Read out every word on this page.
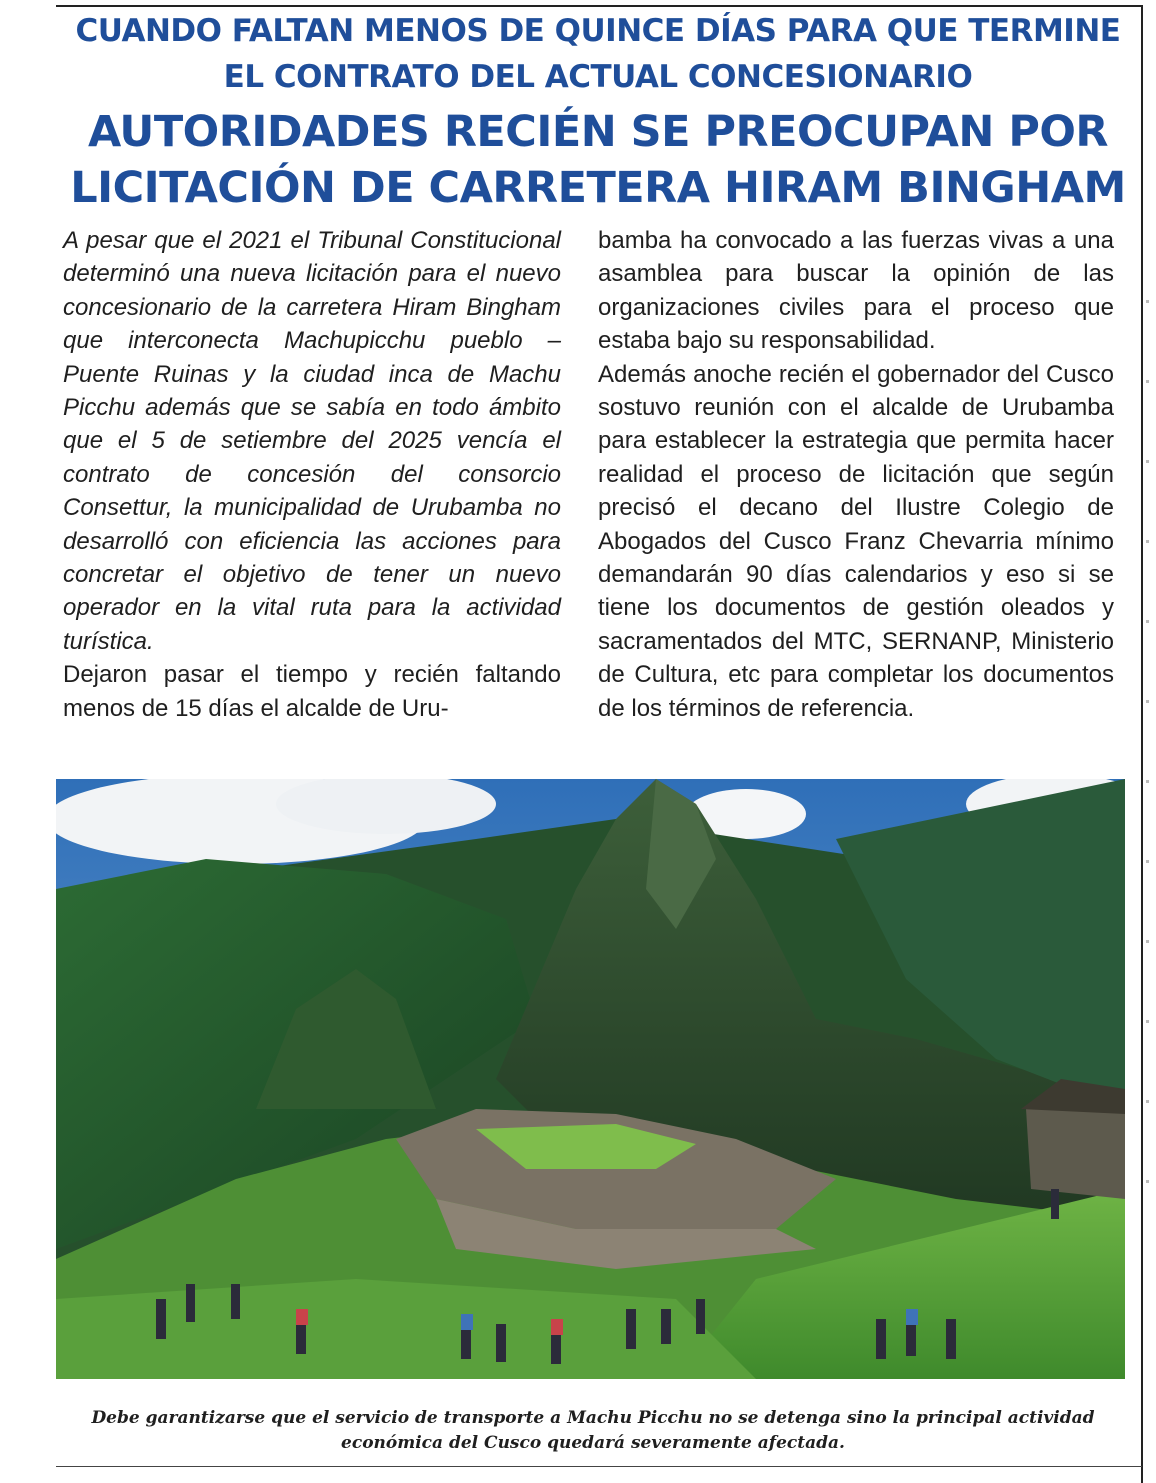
CUANDO FALTAN MENOS DE QUINCE DÍAS PARA QUE TERMINE EL CONTRATO DEL ACTUAL CONCESIONARIO
AUTORIDADES RECIÉN SE PREOCUPAN POR LICITACIÓN DE CARRETERA HIRAM BINGHAM

A pesar que el 2021 el Tribunal Constitucional determinó una nueva licitación para el nuevo concesionario de la carretera Hiram Bingham que interconecta Machupicchu pueblo – Puente Ruinas y la ciudad inca de Machu Picchu además que se sabía en todo ámbito que el 5 de setiembre del 2025 vencía el contrato de concesión del consorcio Consettur, la municipalidad de Urubamba no desarrolló con eficiencia las acciones para concretar el objetivo de tener un nuevo operador en la vital ruta para la actividad turística.

Dejaron pasar el tiempo y recién faltando menos de 15 días el alcalde de Uru-

bamba ha convocado a las fuerzas vivas a una asamblea para buscar la opinión de las organizaciones civiles para el proceso que estaba bajo su responsabilidad.

Además anoche recién el gobernador del Cusco sostuvo reunión con el alcalde de Urubamba para establecer la estrategia que permita hacer realidad el proceso de licitación que según precisó el decano del Ilustre Colegio de Abogados del Cusco Franz Chevarria mínimo demandarán 90 días calendarios y eso si se tiene los documentos de gestión oleados y sacramentados del MTC, SERNANP, Ministerio de Cultura, etc para completar los documentos de los términos de referencia.

Debe garantizarse que el servicio de transporte a Machu Picchu no se detenga sino la principal actividad económica del Cusco quedará severamente afectada.
